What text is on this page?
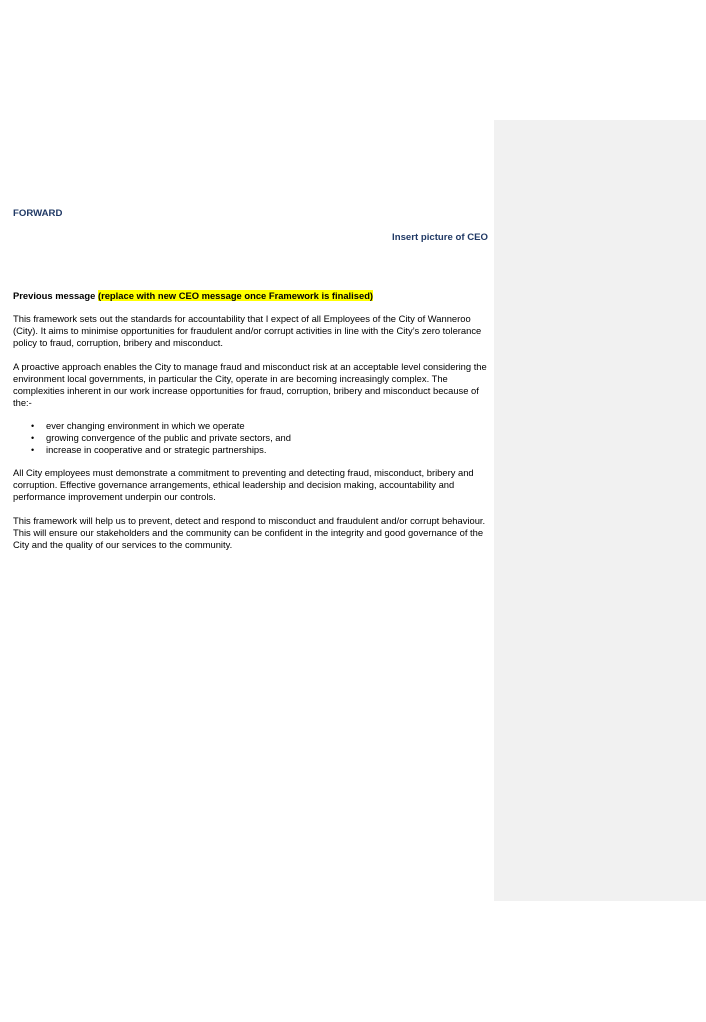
FORWARD
Insert picture of CEO
Previous message (replace with new CEO message once Framework is finalised)

This framework sets out the standards for accountability that I expect of all Employees of the City of Wanneroo (City). It aims to minimise opportunities for fraudulent and/or corrupt activities in line with the City’s zero tolerance policy to fraud, corruption, bribery and misconduct.

A proactive approach enables the City to manage fraud and misconduct risk at an acceptable level considering the environment local governments, in particular the City, operate in are becoming increasingly complex. The complexities inherent in our work increase opportunities for fraud, corruption, bribery and misconduct because of the:-

• ever changing environment in which we operate
• growing convergence of the public and private sectors, and
• increase in cooperative and or strategic partnerships.

All City employees must demonstrate a commitment to preventing and detecting fraud, misconduct, bribery and corruption. Effective governance arrangements, ethical leadership and decision making, accountability and performance improvement underpin our controls.

This framework will help us to prevent, detect and respond to misconduct and fraudulent and/or corrupt behaviour. This will ensure our stakeholders and the community can be confident in the integrity and good governance of the City and the quality of our services to the community.
